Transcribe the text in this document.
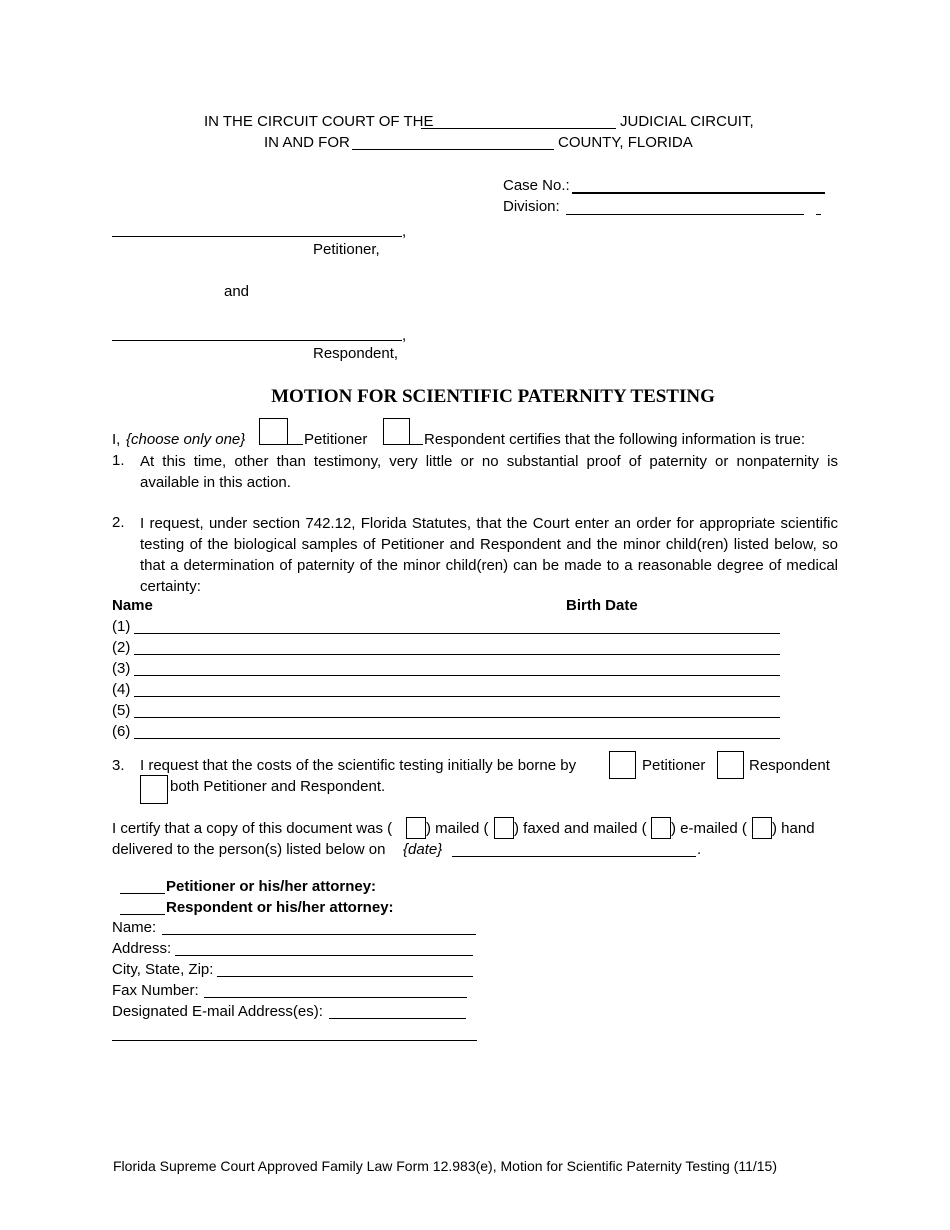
IN THE CIRCUIT COURT OF THE	JUDICIAL CIRCUIT,
IN AND FOR	COUNTY, FLORIDA
Case No.:
Division:
,
Petitioner,
and
,
Respondent,
MOTION FOR SCIENTIFIC PATERNITY TESTING
I, {choose only one}	Petitioner	Respondent certifies that the following information is true:
1. At this time, other than testimony, very little or no substantial proof of paternity or nonpaternity is available in this action.
2. I request, under section 742.12, Florida Statutes, that the Court enter an order for appropriate scientific testing of the biological samples of Petitioner and Respondent and the minor child(ren) listed below, so that a determination of paternity of the minor child(ren) can be made to a reasonable degree of medical certainty:
Name	Birth Date
(1)
(2)
(3)
(4)
(5)
(6)
3. I request that the costs of the scientific testing initially be borne by	Petitioner	Respondent
both Petitioner and Respondent.
I certify that a copy of this document was ( ) mailed ( ) faxed and mailed ( ) e-mailed ( ) hand
delivered to the person(s) listed below on {date}	.
Petitioner or his/her attorney:
Respondent or his/her attorney:
Name:
Address:
City, State, Zip:
Fax Number:
Designated E-mail Address(es):
Florida Supreme Court Approved Family Law Form 12.983(e), Motion for Scientific Paternity Testing (11/15)
